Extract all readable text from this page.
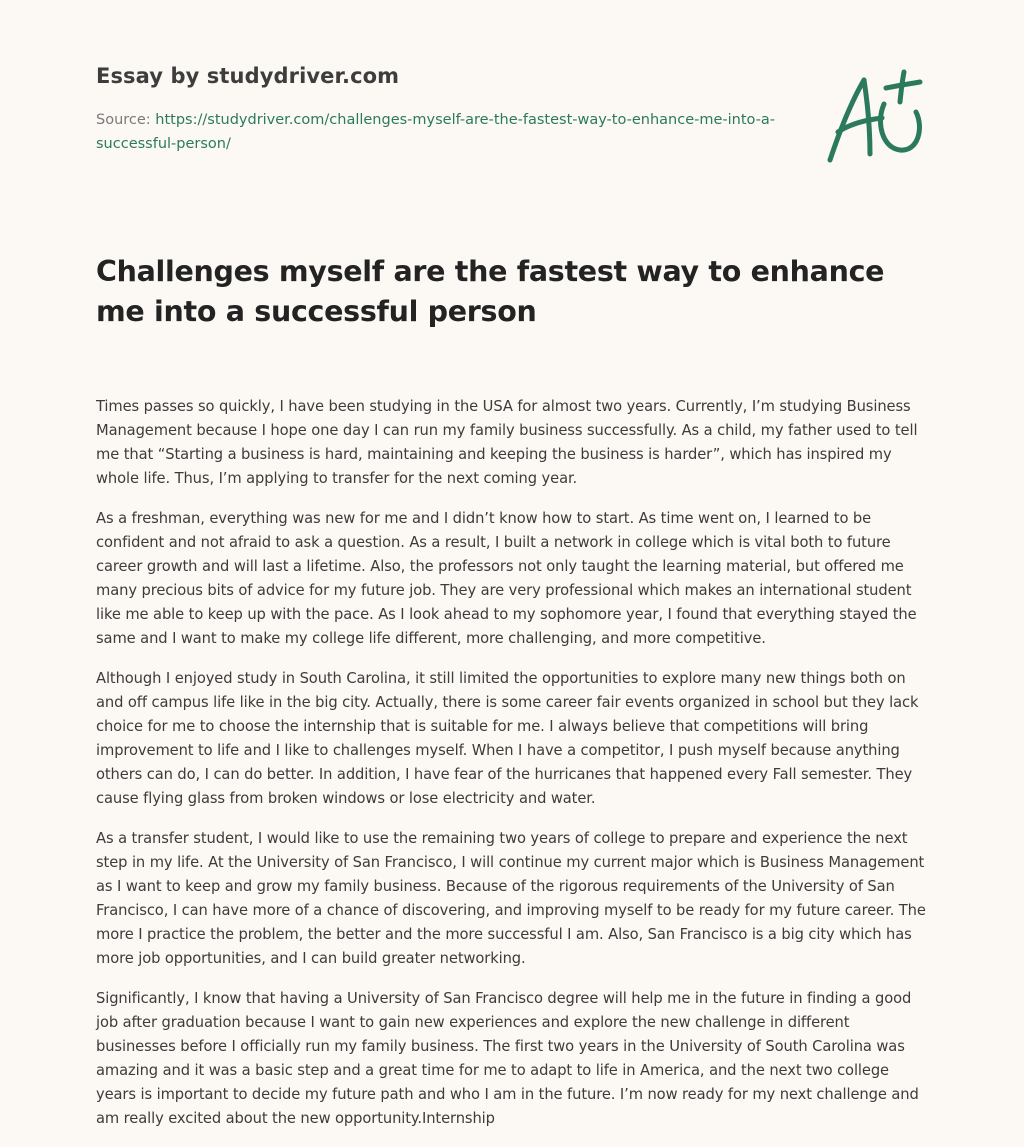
Essay by studydriver.com
Source: https://studydriver.com/challenges-myself-are-the-fastest-way-to-enhance-me-into-a-successful-person/
Challenges myself are the fastest way to enhance me into a successful person

Times passes so quickly, I have been studying in the USA for almost two years. Currently, I’m studying Business Management because I hope one day I can run my family business successfully. As a child, my father used to tell me that “Starting a business is hard, maintaining and keeping the business is harder”, which has inspired my whole life. Thus, I’m applying to transfer for the next coming year.

As a freshman, everything was new for me and I didn’t know how to start. As time went on, I learned to be confident and not afraid to ask a question. As a result, I built a network in college which is vital both to future career growth and will last a lifetime. Also, the professors not only taught the learning material, but offered me many precious bits of advice for my future job. They are very professional which makes an international student like me able to keep up with the pace. As I look ahead to my sophomore year, I found that everything stayed the same and I want to make my college life different, more challenging, and more competitive.

Although I enjoyed study in South Carolina, it still limited the opportunities to explore many new things both on and off campus life like in the big city. Actually, there is some career fair events organized in school but they lack choice for me to choose the internship that is suitable for me. I always believe that competitions will bring improvement to life and I like to challenges myself. When I have a competitor, I push myself because anything others can do, I can do better. In addition, I have fear of the hurricanes that happened every Fall semester. They cause flying glass from broken windows or lose electricity and water.

As a transfer student, I would like to use the remaining two years of college to prepare and experience the next step in my life. At the University of San Francisco, I will continue my current major which is Business Management as I want to keep and grow my family business. Because of the rigorous requirements of the University of San Francisco, I can have more of a chance of discovering, and improving myself to be ready for my future career. The more I practice the problem, the better and the more successful I am. Also, San Francisco is a big city which has more job opportunities, and I can build greater networking.

Significantly, I know that having a University of San Francisco degree will help me in the future in finding a good job after graduation because I want to gain new experiences and explore the new challenge in different businesses before I officially run my family business. The first two years in the University of South Carolina was amazing and it was a basic step and a great time for me to adapt to life in America, and the next two college years is important to decide my future path and who I am in the future. I’m now ready for my next challenge and am really excited about the new opportunity.Internship
